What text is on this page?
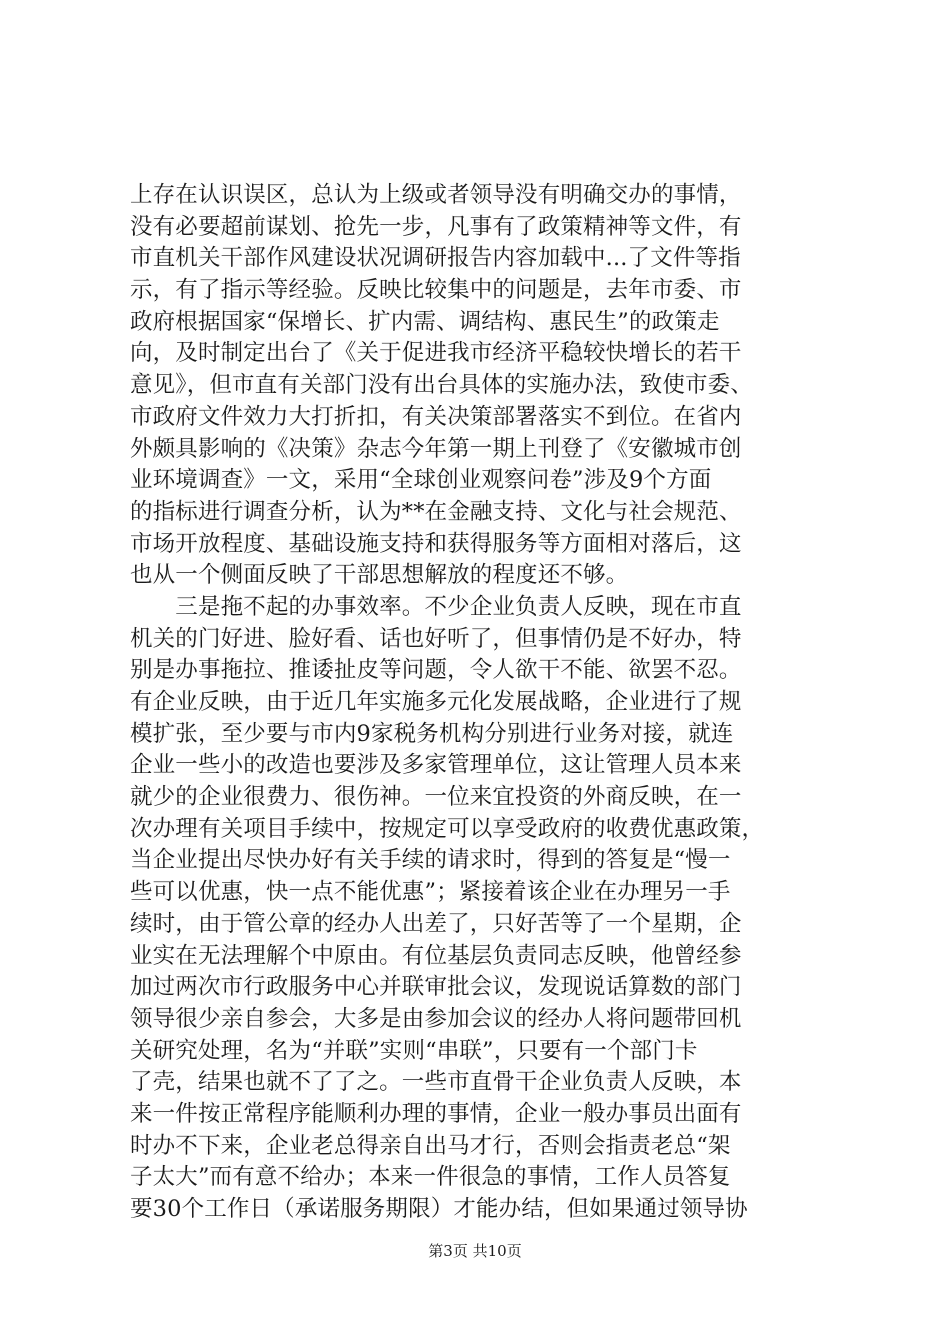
上存在认识误区，总认为上级或者领导没有明确交办的事情，
没有必要超前谋划、抢先一步，凡事有了政策精神等文件，有
市直机关干部作风建设状况调研报告内容加载中...了文件等指
示，有了指示等经验。反映比较集中的问题是，去年市委、市
政府根据国家“保增长、扩内需、调结构、惠民生”的政策走
向，及时制定出台了《关于促进我市经济平稳较快增长的若干
意见》，但市直有关部门没有出台具体的实施办法，致使市委、
市政府文件效力大打折扣，有关决策部署落实不到位。在省内
外颇具影响的《决策》杂志今年第一期上刊登了《安徽城市创
业环境调查》一文，采用“全球创业观察问卷”涉及9个方面
的指标进行调查分析，认为**在金融支持、文化与社会规范、
市场开放程度、基础设施支持和获得服务等方面相对落后，这
也从一个侧面反映了干部思想解放的程度还不够。
　　三是拖不起的办事效率。不少企业负责人反映，现在市直
机关的门好进、脸好看、话也好听了，但事情仍是不好办，特
别是办事拖拉、推诿扯皮等问题，令人欲干不能、欲罢不忍。
有企业反映，由于近几年实施多元化发展战略，企业进行了规
模扩张，至少要与市内9家税务机构分别进行业务对接，就连
企业一些小的改造也要涉及多家管理单位，这让管理人员本来
就少的企业很费力、很伤神。一位来宜投资的外商反映，在一
次办理有关项目手续中，按规定可以享受政府的收费优惠政策，
当企业提出尽快办好有关手续的请求时，得到的答复是“慢一
些可以优惠，快一点不能优惠”；紧接着该企业在办理另一手
续时，由于管公章的经办人出差了，只好苦等了一个星期，企
业实在无法理解个中原由。有位基层负责同志反映，他曾经参
加过两次市行政服务中心并联审批会议，发现说话算数的部门
领导很少亲自参会，大多是由参加会议的经办人将问题带回机
关研究处理，名为“并联”实则“串联”，只要有一个部门卡
了壳，结果也就不了了之。一些市直骨干企业负责人反映，本
来一件按正常程序能顺利办理的事情，企业一般办事员出面有
时办不下来，企业老总得亲自出马才行，否则会指责老总“架
子太大”而有意不给办；本来一件很急的事情，工作人员答复
要30个工作日（承诺服务期限）才能办结，但如果通过领导协
第3页 共10页
